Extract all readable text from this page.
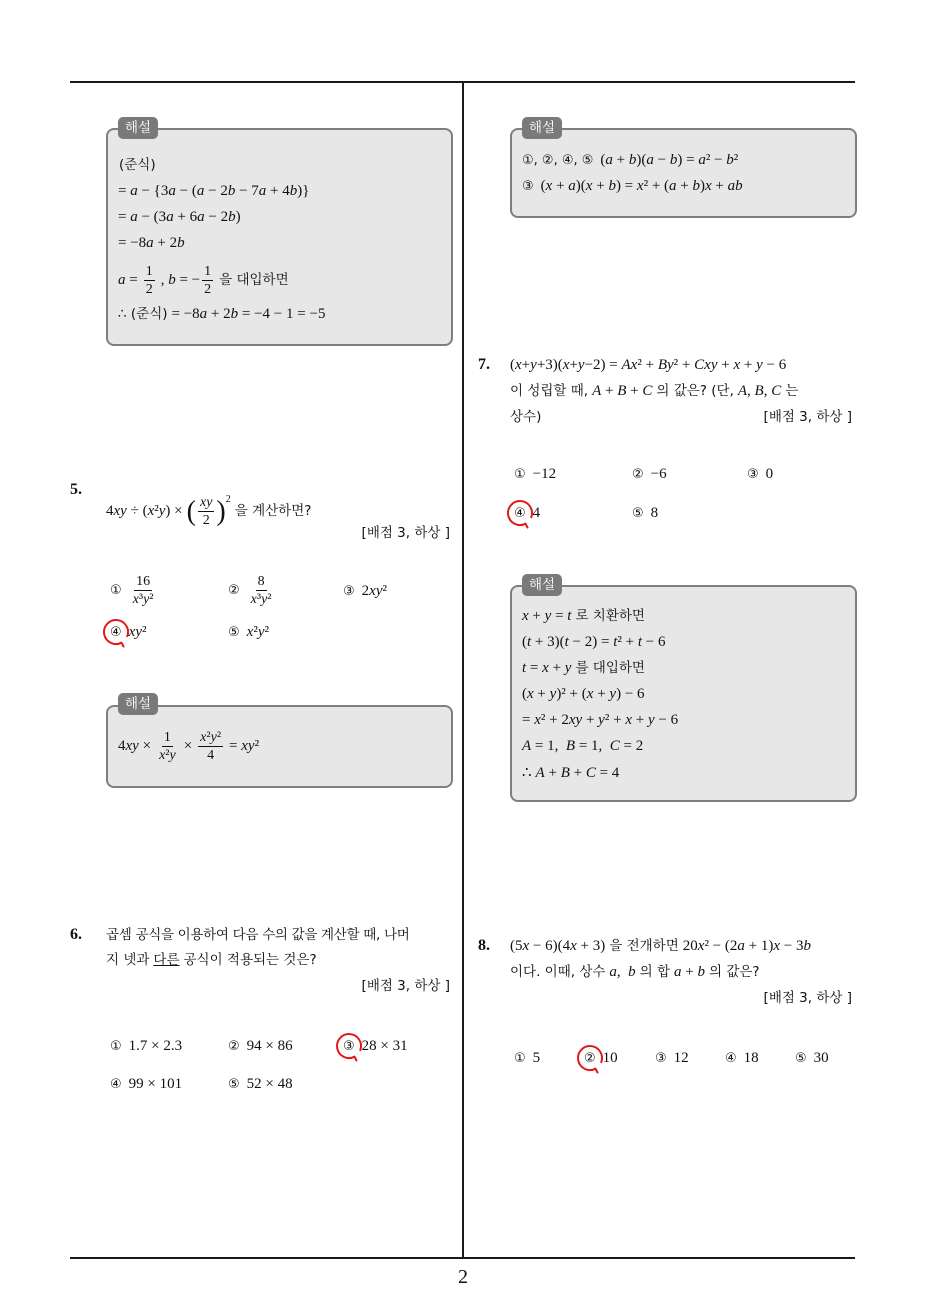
해설
(준식)
= a − {3a − (a − 2b − 7a + 4b)}
= a − (3a + 6a − 2b)
= −8a + 2b
$a = \frac{1}{2}$ , b = − $\frac{1}{2}$ 을 대입하면
∴ (준식) = −8a + 2b = −4 − 1 = −5
5.
4xy ÷ (x²y) × ( $\frac{xy}{2} )^2$ 을 계산하면?
[배점 3, 하상 ]
① $\frac{16}{\text{x³y²}}$	② $\frac{8}{\text{x³y²}}$	③ 2xy²
④ xy²	⑤ x²y²
해설
$4xy \times \frac{1}{\text{x²y}} \times \frac{\text{x²y²}}{4} = xy^2$
6. 곱셈 공식을 이용하여 다음 수의 값을 계산할 때, 나머
지 넷과 다른 공식이 적용되는 것은?
[배점 3, 하상 ]
① 1.7 × 2.3	② 94 × 86	③ 28 × 31
④ 99 × 101	⑤ 52 × 48
해설
①, ②, ④, ⑤ (a + b)(a − b) = a² − b²
③ (x + a)(x + b) = x² + (a + b)x + ab
7. (x+y+3)(x+y−2) = Ax² + By² + Cxy + x + y − 6
이 성립할 때, A + B + C 의 값은? (단, A, B, C 는
상수)	[배점 3, 하상 ]
① −12	② −6	③ 0
④ 4	⑤ 8
해설
x + y = t 로 치환하면
(t + 3)(t − 2) = t² + t − 6
t = x + y 를 대입하면
(x + y)² + (x + y) − 6
= x² + 2xy + y² + x + y − 6
A = 1,  B = 1,  C = 2
∴ A + B + C = 4
8. (5x − 6)(4x + 3) 을 전개하면 20x² − (2a + 1)x − 3b
이다. 이때, 상수 a,  b 의 합 a + b 의 값은?
[배점 3, 하상 ]
① 5	② 10	③ 12	④ 18	⑤ 30
2
